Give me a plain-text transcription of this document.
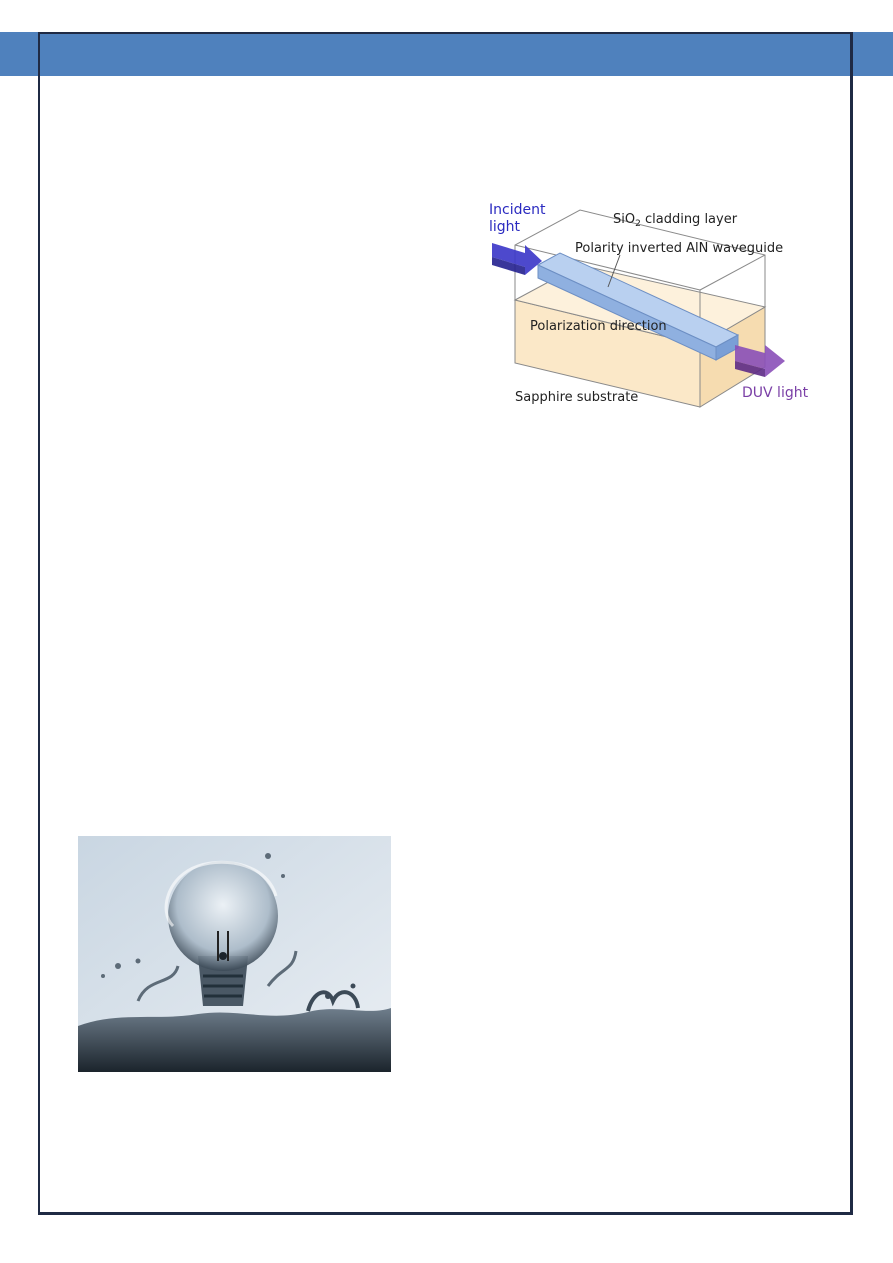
Incident
light	SiO$_2$ cladding layer
Polarity inverted AlN waveguide
Polarization direction
Sapphire substrate	DUV light
